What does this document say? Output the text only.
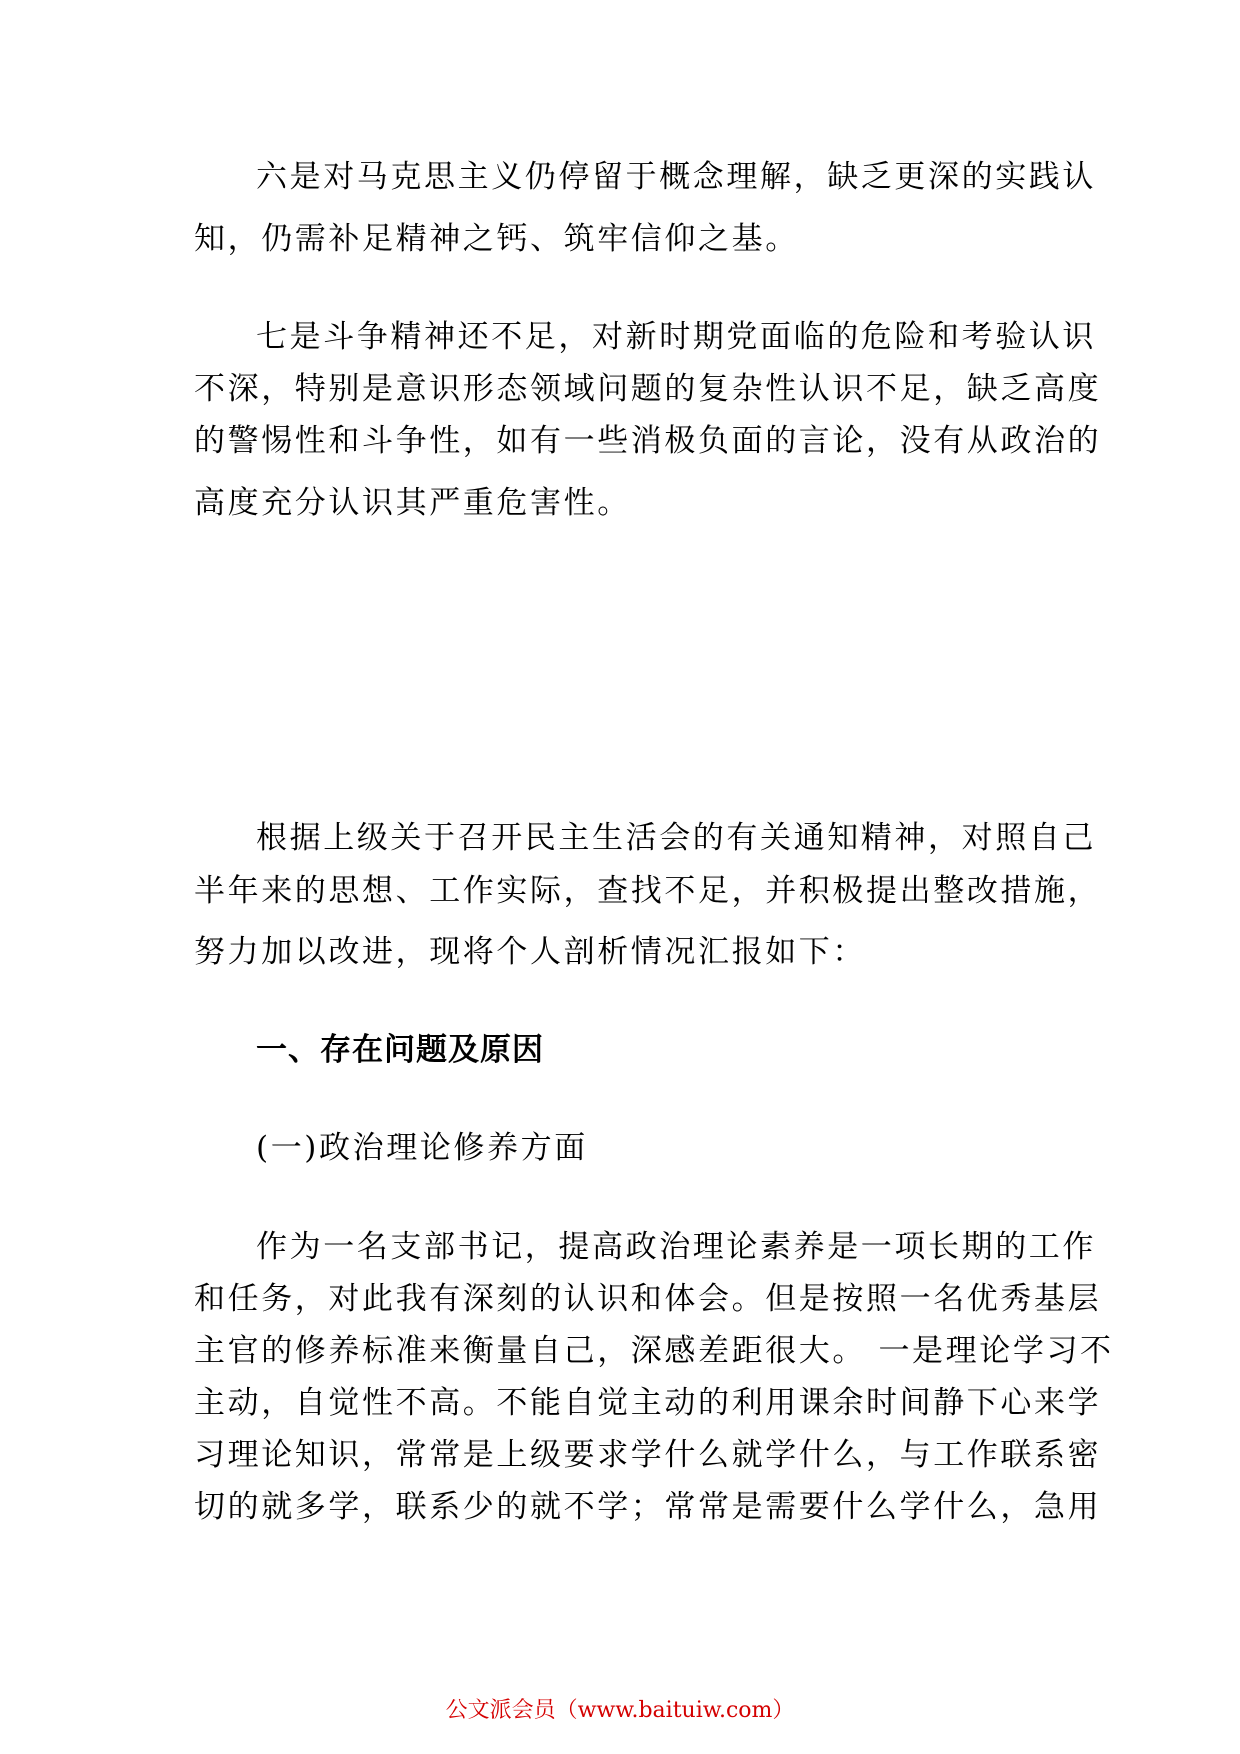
六是对马克思主义仍停留于概念理解，缺乏更深的实践认
知，仍需补足精神之钙、筑牢信仰之基。
七是斗争精神还不足，对新时期党面临的危险和考验认识
不深，特别是意识形态领域问题的复杂性认识不足，缺乏高度
的警惕性和斗争性，如有一些消极负面的言论，没有从政治的
高度充分认识其严重危害性。
根据上级关于召开民主生活会的有关通知精神，对照自己
半年来的思想、工作实际，查找不足，并积极提出整改措施，
努力加以改进，现将个人剖析情况汇报如下：
一、存在问题及原因
(一)政治理论修养方面
作为一名支部书记，提高政治理论素养是一项长期的工作
和任务，对此我有深刻的认识和体会。但是按照一名优秀基层
主官的修养标准来衡量自己，深感差距很大。 一是理论学习不
主动，自觉性不高。不能自觉主动的利用课余时间静下心来学
习理论知识，常常是上级要求学什么就学什么，与工作联系密
切的就多学，联系少的就不学；常常是需要什么学什么，急用
公文派会员（www.baituiw.com）
